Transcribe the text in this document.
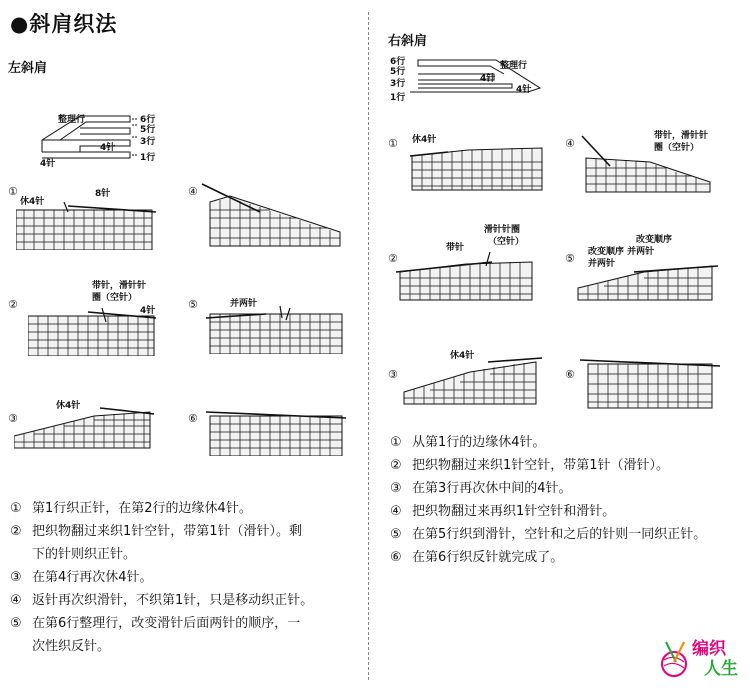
●斜肩织法
左斜肩
整理行	6行
5行
3行
1行
4针
4针
①
休4针
8针
②
带针，滑针针
圈（空针）
4针
③
休4针
④
⑤	并两针
⑥
① 第1行织正针，在第2行的边缘休4针。
② 把织物翻过来织1针空针，带第1针（滑针）。剩
下的针则织正针。
③ 在第4行再次休4针。
④ 返针再次织滑针，不织第1针，只是移动织正针。
⑤ 在第6行整理行，改变滑针后面两针的顺序，一
次性织反针。
右斜肩
6行
5行
3行
1行
整理行
4针
4针
① 休4针
②
滑针针圈
（空针）
带针
③
休4针
④
带针，滑针针
圈（空针）
⑤
改变顺序
改变顺序 并两针
并两针
⑥
① 从第1行的边缘休4针。
② 把织物翻过来织1针空针，带第1针（滑针）。
③ 在第3行再次休中间的4针。
④ 把织物翻过来再织1针空针和滑针。
⑤ 在第5行织到滑针，空针和之后的针则一同织正针。
⑥ 在第6行织反针就完成了。
编织
人生
